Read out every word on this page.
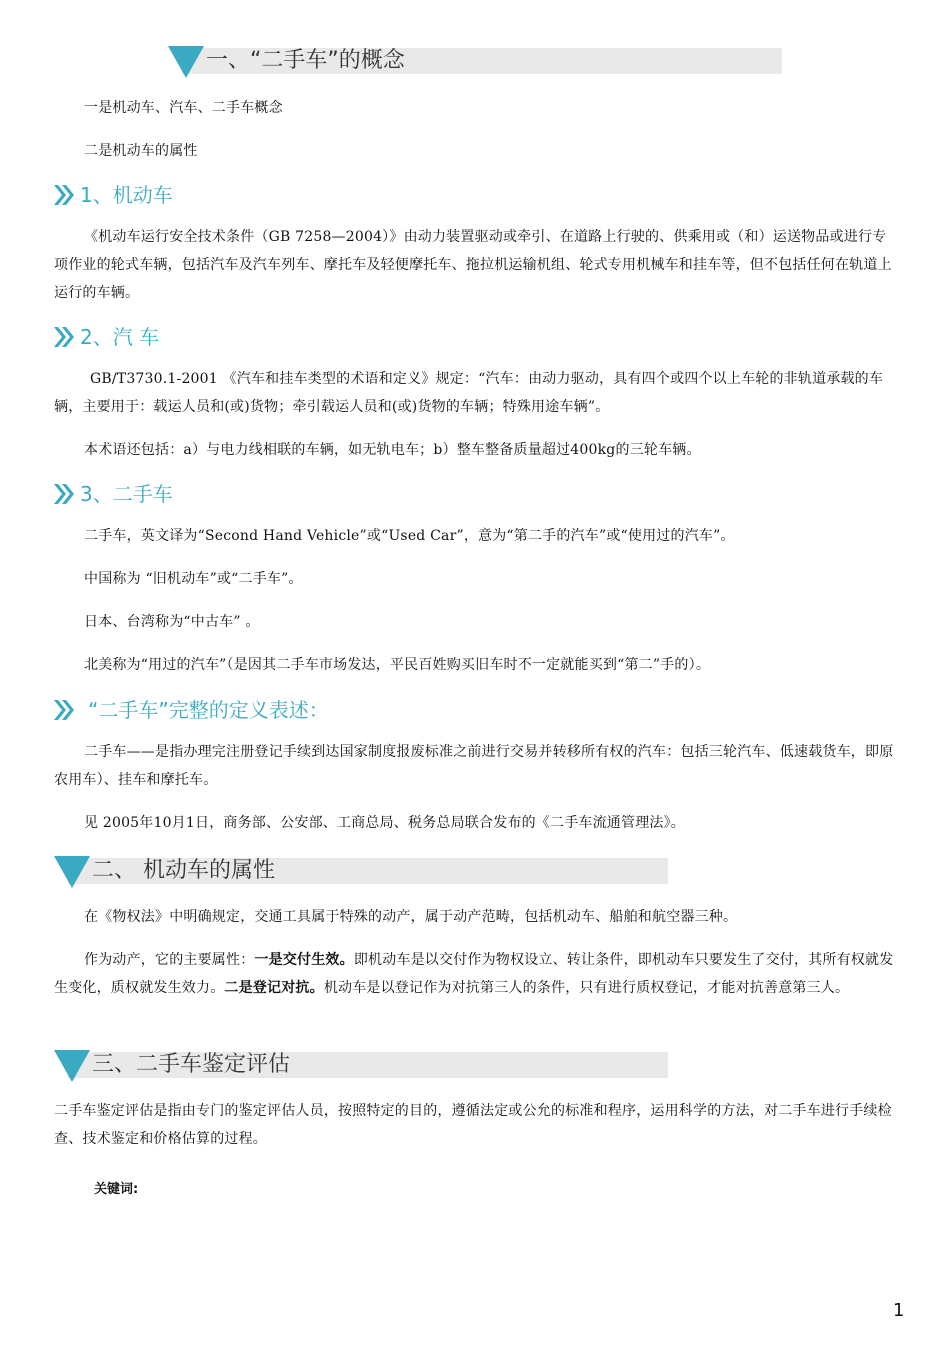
一、“二手车”的概念
一是机动车、汽车、二手车概念
二是机动车的属性
1、机动车
《机动车运行安全技术条件（GB 7258—2004）》由动力装置驱动或牵引、在道路上行驶的、供乘用或（和）运送物品或进行专项作业的轮式车辆，包括汽车及汽车列车、摩托车及轻便摩托车、拖拉机运输机组、轮式专用机械车和挂车等，但不包括任何在轨道上运行的车辆。
2、汽 车
GB/T3730.1-2001 《汽车和挂车类型的术语和定义》规定：“汽车：由动力驱动，具有四个或四个以上车轮的非轨道承载的车辆，主要用于：载运人员和(或)货物；牵引载运人员和(或)货物的车辆；特殊用途车辆”。
本术语还包括：a）与电力线相联的车辆，如无轨电车；b）整车整备质量超过400kg的三轮车辆。
3、二手车
二手车，英文译为“Second Hand Vehicle”或“Used Car”，意为“第二手的汽车”或“使用过的汽车”。
中国称为 “旧机动车”或“二手车”。
日本、台湾称为“中古车” 。
北美称为“用过的汽车”（是因其二手车市场发达，平民百姓购买旧车时不一定就能买到“第二”手的）。
“二手车”完整的定义表述：
二手车——是指办理完注册登记手续到达国家制度报废标准之前进行交易并转移所有权的汽车：包括三轮汽车、低速载货车，即原农用车）、挂车和摩托车。
见 2005年10月1日，商务部、公安部、工商总局、税务总局联合发布的《二手车流通管理法》。
二、 机动车的属性
在《物权法》中明确规定，交通工具属于特殊的动产，属于动产范畴，包括机动车、船舶和航空器三种。
作为动产，它的主要属性：一是交付生效。即机动车是以交付作为物权设立、转让条件，即机动车只要发生了交付，其所有权就发生变化，质权就发生效力。二是登记对抗。机动车是以登记作为对抗第三人的条件，只有进行质权登记，才能对抗善意第三人。
三、二手车鉴定评估
二手车鉴定评估是指由专门的鉴定评估人员，按照特定的目的，遵循法定或公允的标准和程序，运用科学的方法，对二手车进行手续检查、技术鉴定和价格估算的过程。
关键词:
1
